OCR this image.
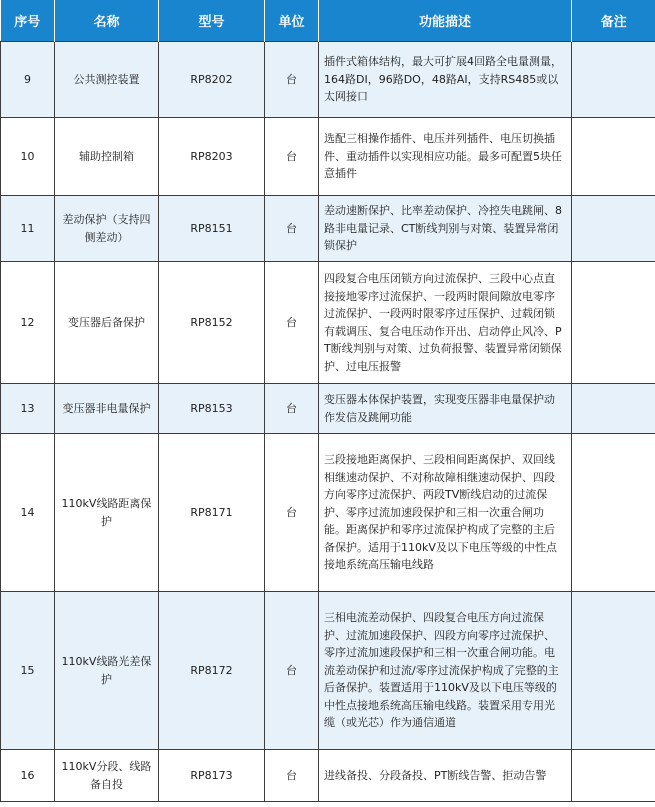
序号	名称	型号	单位	功能描述	备注
9	公共测控装置	RP8202	台	插件式箱体结构，最大可扩展4回路全电量测量，164路DI，96路DO，48路AI，支持RS485或以太网接口	
10	辅助控制箱	RP8203	台	选配三相操作插件、电压并列插件、电压切换插件、重动插件以实现相应功能。最多可配置5块任意插件	
11	差动保护（支持四侧差动）	RP8151	台	差动速断保护、比率差动保护、冷控失电跳闸、8路非电量记录、CT断线判别与对策、装置异常闭锁保护	
12	变压器后备保护	RP8152	台	四段复合电压闭锁方向过流保护、三段中心点直接接地零序过流保护、一段两时限间隙放电零序过流保护、一段两时限零序过压保护、过载闭锁有载调压、复合电压动作开出、启动停止风冷、PT断线判别与对策、过负荷报警、装置异常闭锁保护、过电压报警	
13	变压器非电量保护	RP8153	台	变压器本体保护装置，实现变压器非电量保护动作发信及跳闸功能	
14	110kV线路距离保护	RP8171	台	三段接地距离保护、三段相间距离保护、双回线相继速动保护、不对称故障相继速动保护、四段方向零序过流保护、两段TV断线启动的过流保护、零序过流加速段保护和三相一次重合闸功能。距离保护和零序过流保护构成了完整的主后备保护。适用于110kV及以下电压等级的中性点接地系统高压输电线路	
15	110kV线路光差保护	RP8172	台	三相电流差动保护、四段复合电压方向过流保护、过流加速段保护、四段方向零序过流保护、零序过流加速段保护和三相一次重合闸功能。电流差动保护和过流/零序过流保护构成了完整的主后备保护。装置适用于110kV及以下电压等级的中性点接地系统高压输电线路。装置采用专用光缆（或光芯）作为通信通道	
16	110kV分段、线路备自投	RP8173	台	进线备投、分段备投、PT断线告警、拒动告警	
